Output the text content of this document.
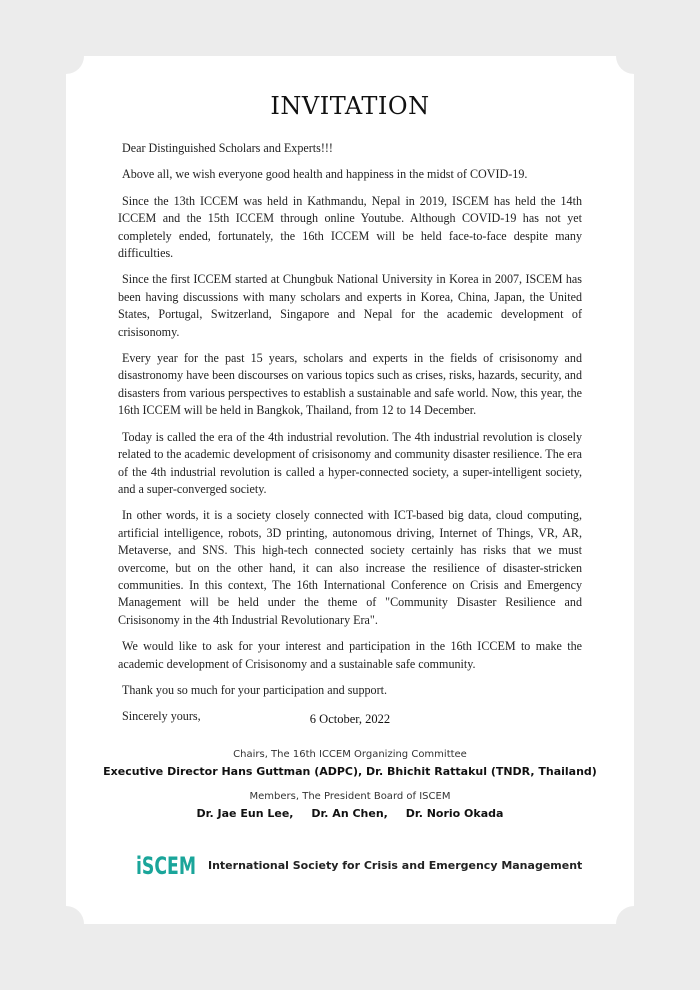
INVITATION

Dear Distinguished Scholars and Experts!!!

Above all, we wish everyone good health and happiness in the midst of COVID-19.

Since the 13th ICCEM was held in Kathmandu, Nepal in 2019, ISCEM has held the 14th ICCEM and the 15th ICCEM through online Youtube. Although COVID-19 has not yet completely ended, fortunately, the 16th ICCEM will be held face-to-face despite many difficulties.

Since the first ICCEM started at Chungbuk National University in Korea in 2007, ISCEM has been having discussions with many scholars and experts in Korea, China, Japan, the United States, Portugal, Switzerland, Singapore and Nepal for the academic development of crisisonomy.

Every year for the past 15 years, scholars and experts in the fields of crisisonomy and disastronomy have been discourses on various topics such as crises, risks, hazards, security, and disasters from various perspectives to establish a sustainable and safe world. Now, this year, the 16th ICCEM will be held in Bangkok, Thailand, from 12 to 14 December.

Today is called the era of the 4th industrial revolution. The 4th industrial revolution is closely related to the academic development of crisisonomy and community disaster resilience. The era of the 4th industrial revolution is called a hyper-connected society, a super-intelligent society, and a super-converged society.

In other words, it is a society closely connected with ICT-based big data, cloud computing, artificial intelligence, robots, 3D printing, autonomous driving, Internet of Things, VR, AR, Metaverse, and SNS. This high-tech connected society certainly has risks that we must overcome, but on the other hand, it can also increase the resilience of disaster-stricken communities. In this context, The 16th International Conference on Crisis and Emergency Management will be held under the theme of "Community Disaster Resilience and Crisisonomy in the 4th Industrial Revolutionary Era".

We would like to ask for your interest and participation in the 16th ICCEM to make the academic development of Crisisonomy and a sustainable safe community.

Thank you so much for your participation and support.

Sincerely yours,	6 October, 2022
Chairs, The 16th ICCEM Organizing Committee
Executive Director Hans Guttman (ADPC), Dr. Bhichit Rattakul (TNDR, Thailand)
Members, The President Board of ISCEM
Dr. Jae Eun Lee, Dr. An Chen, Dr. Norio Okada
iSCEM International Society for Crisis and Emergency Management
